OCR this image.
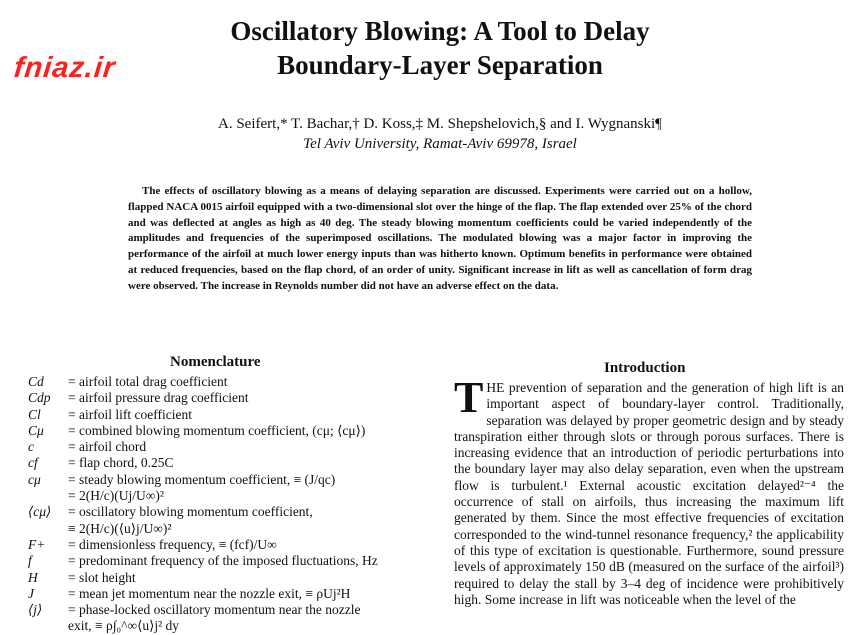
fniaz.ir
Oscillatory Blowing: A Tool to Delay
Boundary-Layer Separation
A. Seifert,* T. Bachar,† D. Koss,‡ M. Shepshelovich,§ and I. Wygnanski¶
Tel Aviv University, Ramat-Aviv 69978, Israel

The effects of oscillatory blowing as a means of delaying separation are discussed. Experiments were carried out on a hollow, flapped NACA 0015 airfoil equipped with a two-dimensional slot over the hinge of the flap. The flap extended over 25% of the chord and was deflected at angles as high as 40 deg. The steady blowing momentum coefficients could be varied independently of the amplitudes and frequencies of the superimposed oscillations. The modulated blowing was a major factor in improving the performance of the airfoil at much lower energy inputs than was hitherto known. Optimum benefits in performance were obtained at reduced frequencies, based on the flap chord, of an order of unity. Significant increase in lift as well as cancellation of form drag were observed. The increase in Reynolds number did not have an adverse effect on the data.

Nomenclature
Cd	= airfoil total drag coefficient
Cdp	= airfoil pressure drag coefficient
Cl	= airfoil lift coefficient
Cμ	= combined blowing momentum coefficient, (cμ; ⟨cμ⟩)
c	= airfoil chord
cf	= flap chord, 0.25C
cμ	= steady blowing momentum coefficient, ≡ (J/qc)
= 2(H/c)(Uj/U∞)²
⟨cμ⟩	= oscillatory blowing momentum coefficient,
≡ 2(H/c)(⟨u⟩j/U∞)²
F+	= dimensionless frequency, ≡ (fcf)/U∞
f	= predominant frequency of the imposed fluctuations, Hz
H	= slot height
J	= mean jet momentum near the nozzle exit, ≡ ρUj²H
⟨j⟩	= phase-locked oscillatory momentum near the nozzle
exit, ≡ ρ∫₀^∞⟨u⟩j² dy
Introduction

THE prevention of separation and the generation of high lift is an important aspect of boundary-layer control. Traditionally, separation was delayed by proper geometric design and by steady transpiration either through slots or through porous surfaces. There is increasing evidence that an introduction of periodic perturbations into the boundary layer may also delay separation, even when the upstream flow is turbulent.¹ External acoustic excitation delayed²⁻⁴ the occurrence of stall on airfoils, thus increasing the maximum lift generated by them. Since the most effective frequencies of excitation corresponded to the wind-tunnel resonance frequency,² the applicability of this type of excitation is questionable. Furthermore, sound pressure levels of approximately 150 dB (measured on the surface of the airfoil³) required to delay the stall by 3–4 deg of incidence were prohibitively high. Some increase in lift was noticeable when the level of the
